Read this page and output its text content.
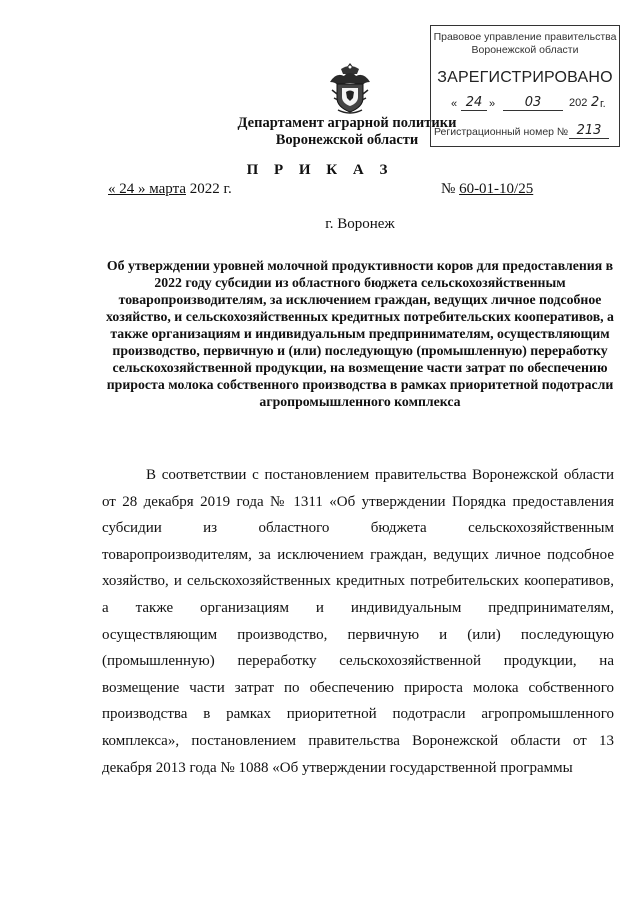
Департамент аграрной политики
Воронежской области
Правовое управление правительства
Воронежской области
ЗАРЕГИСТРИРОВАНО
« 24 »	03	202 2 г.
Регистрационный номер № 213
П Р И К А З
« 24 » марта 2022 г.	№ 60-01-10/25
г. Воронеж
Об утверждении уровней молочной продуктивности коров для предоставления в 2022 году субсидии из областного бюджета сельскохозяйственным товаропроизводителям, за исключением граждан, ведущих личное подсобное хозяйство, и сельскохозяйственных кредитных потребительских кооперативов, а также организациям и индивидуальным предпринимателям, осуществляющим производство, первичную и (или) последующую (промышленную) переработку сельскохозяйственной продукции, на возмещение части затрат по обеспечению прироста молока собственного производства в рамках приоритетной подотрасли агропромышленного комплекса

В соответствии с постановлением правительства Воронежской области от 28 декабря 2019 года № 1311 «Об утверждении Порядка предоставления субсидии из областного бюджета сельскохозяйственным товаропроизводителям, за исключением граждан, ведущих личное подсобное хозяйство, и сельскохозяйственных кредитных потребительских кооперативов, а также организациям и индивидуальным предпринимателям, осуществляющим производство, первичную и (или) последующую (промышленную) переработку сельскохозяйственной продукции, на возмещение части затрат по обеспечению прироста молока собственного производства в рамках приоритетной подотрасли агропромышленного комплекса», постановлением правительства Воронежской области от 13 декабря 2013 года № 1088 «Об утверждении государственной программы
